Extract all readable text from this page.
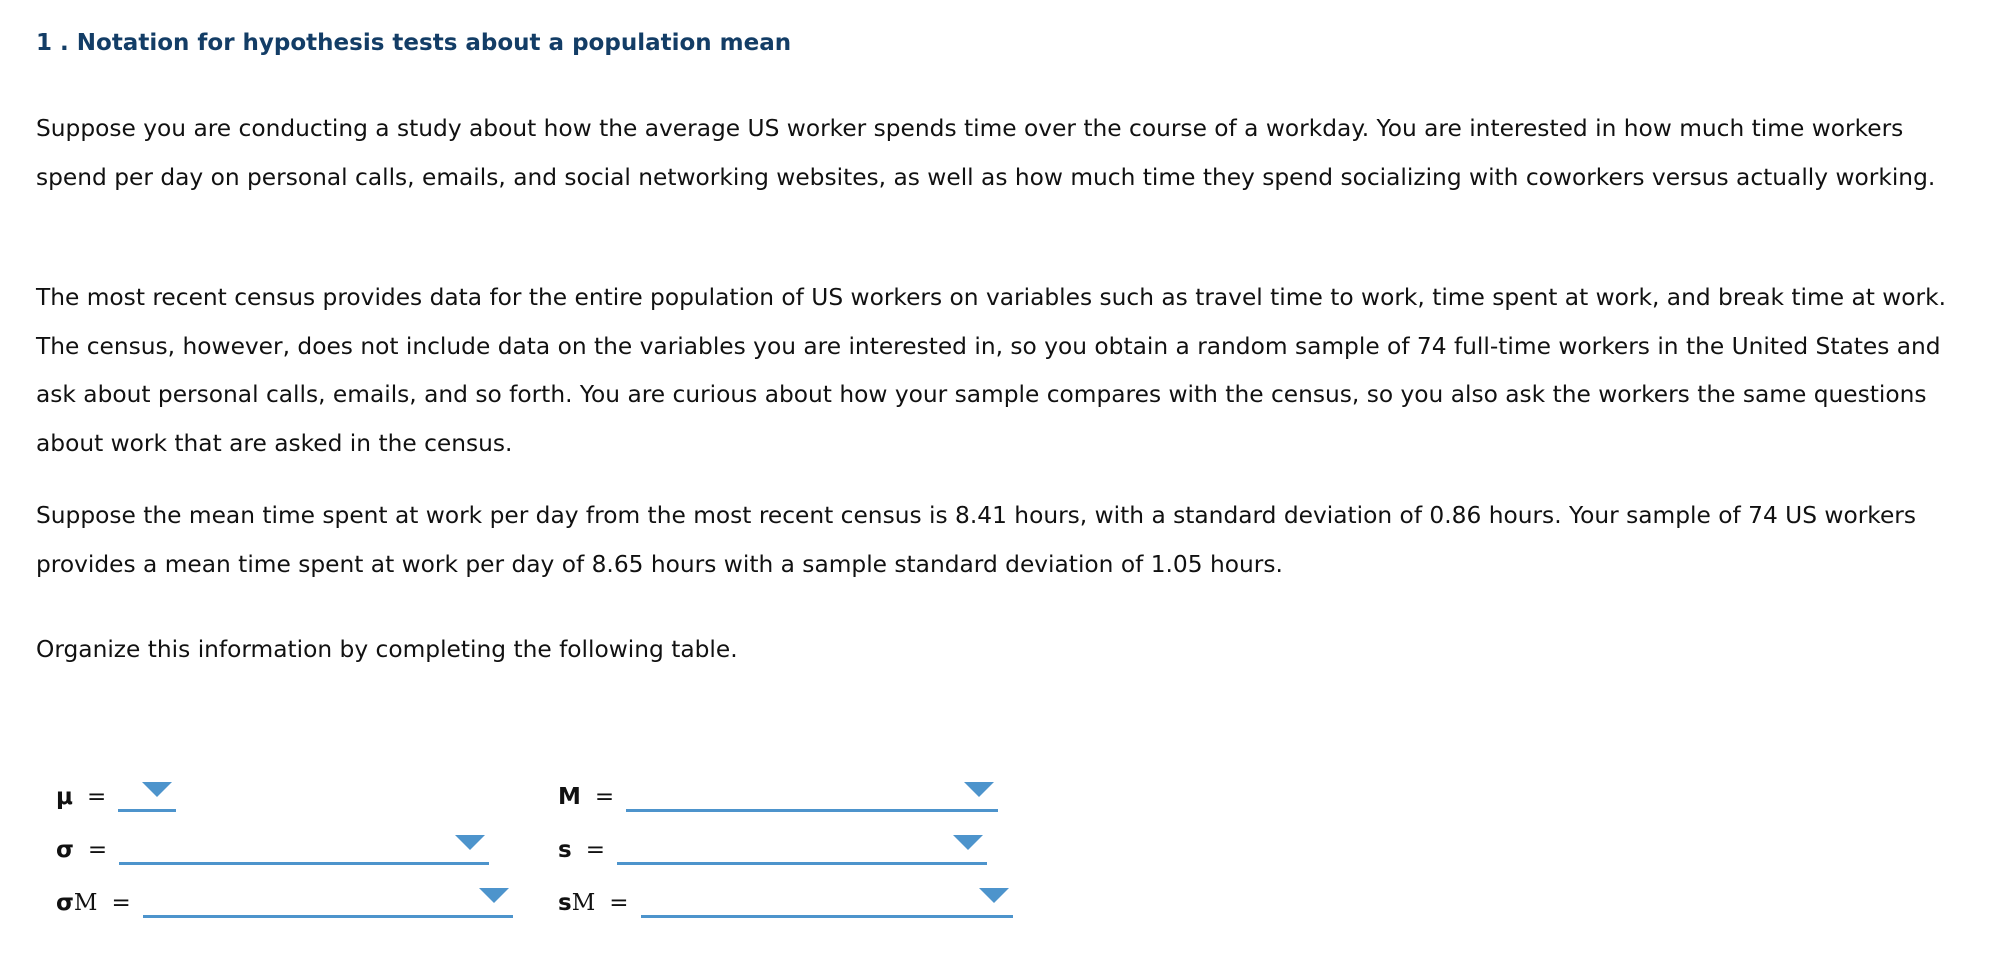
1 . Notation for hypothesis tests about a population mean

Suppose you are conducting a study about how the average US worker spends time over the course of a workday. You are interested in how much time workers spend per day on personal calls, emails, and social networking websites, as well as how much time they spend socializing with coworkers versus actually working.

The most recent census provides data for the entire population of US workers on variables such as travel time to work, time spent at work, and break time at work. The census, however, does not include data on the variables you are interested in, so you obtain a random sample of 74 full-time workers in the United States and ask about personal calls, emails, and so forth. You are curious about how your sample compares with the census, so you also ask the workers the same questions about work that are asked in the census.

Suppose the mean time spent at work per day from the most recent census is 8.41 hours, with a standard deviation of 0.86 hours. Your sample of 74 US workers provides a mean time spent at work per day of 8.65 hours with a sample standard deviation of 1.05 hours.

Organize this information by completing the following table.

μ =
σ =
σM =
M =
s =
sM =
